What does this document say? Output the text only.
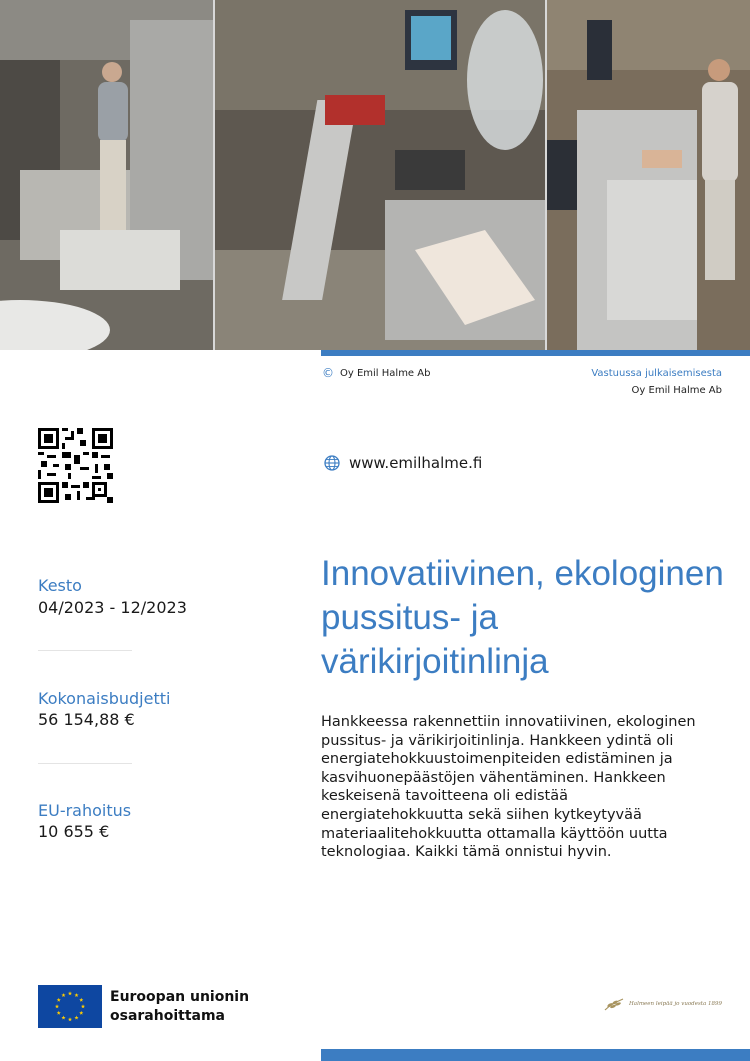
© Oy Emil Halme Ab	Vastuussa julkaisemisesta
Oy Emil Halme Ab
www.emilhalme.fi
Innovatiivinen, ekologinen pussitus- ja värikirjoitinlinja
Kesto
04/2023 - 12/2023
Kokonaisbudjetti
56 154,88 €
EU-rahoitus
10 655 €

Hankkeessa rakennettiin innovatiivinen, ekologinen pussitus- ja värikirjoitinlinja. Hankkeen ydintä oli energiatehokkuustoimenpiteiden edistäminen ja kasvihuonepäästöjen vähentäminen. Hankkeen keskeisenä tavoitteena oli edistää energiatehokkuutta sekä siihen kytkeytyvää materiaalitehokkuutta ottamalla käyttöön uutta teknologiaa. Kaikki tämä onnistui hyvin.

Euroopan unionin
osarahoittama
Halmeen leipää jo vuodesta 1899
